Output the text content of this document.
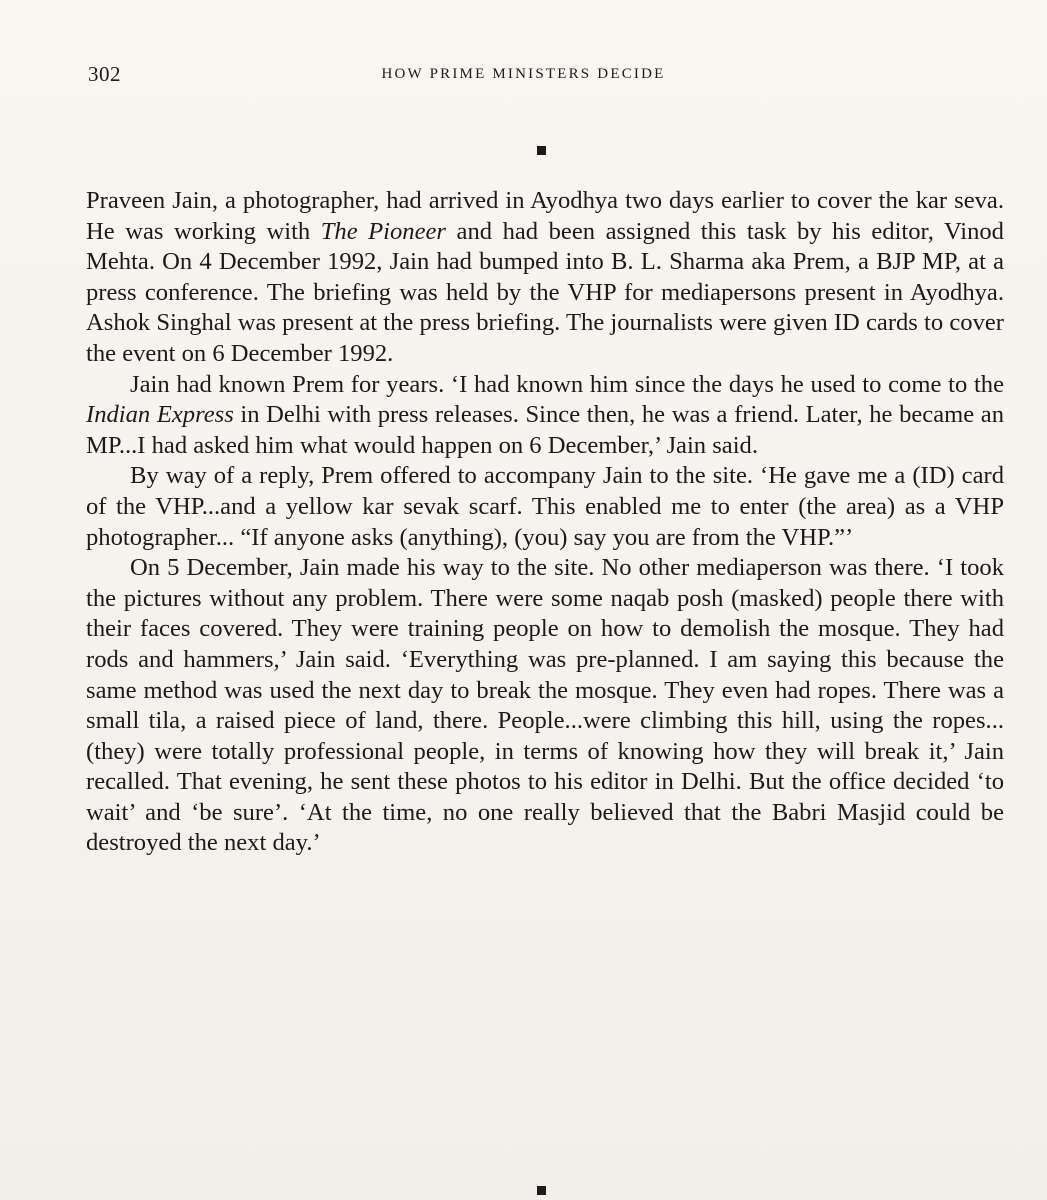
302	HOW PRIME MINISTERS DECIDE

Praveen Jain, a photographer, had arrived in Ayodhya two days earlier to cover the kar seva. He was working with The Pioneer and had been assigned this task by his editor, Vinod Mehta. On 4 December 1992, Jain had bumped into B. L. Sharma aka Prem, a BJP MP, at a press conference. The briefing was held by the VHP for mediapersons present in Ayodhya. Ashok Singhal was present at the press briefing. The journalists were given ID cards to cover the event on 6 December 1992.

Jain had known Prem for years. ‘I had known him since the days he used to come to the Indian Express in Delhi with press releases. Since then, he was a friend. Later, he became an MP...I had asked him what would happen on 6 December,’ Jain said.

By way of a reply, Prem offered to accompany Jain to the site. ‘He gave me a (ID) card of the VHP...and a yellow kar sevak scarf. This enabled me to enter (the area) as a VHP photographer... “If anyone asks (anything), (you) say you are from the VHP.”’

On 5 December, Jain made his way to the site. No other mediaperson was there. ‘I took the pictures without any problem. There were some naqab posh (masked) people there with their faces covered. They were training people on how to demolish the mosque. They had rods and hammers,’ Jain said. ‘Everything was pre-planned. I am saying this because the same method was used the next day to break the mosque. They even had ropes. There was a small tila, a raised piece of land, there. People...were climbing this hill, using the ropes...(they) were totally professional people, in terms of knowing how they will break it,’ Jain recalled. That evening, he sent these photos to his editor in Delhi. But the office decided ‘to wait’ and ‘be sure’. ‘At the time, no one really believed that the Babri Masjid could be destroyed the next day.’
